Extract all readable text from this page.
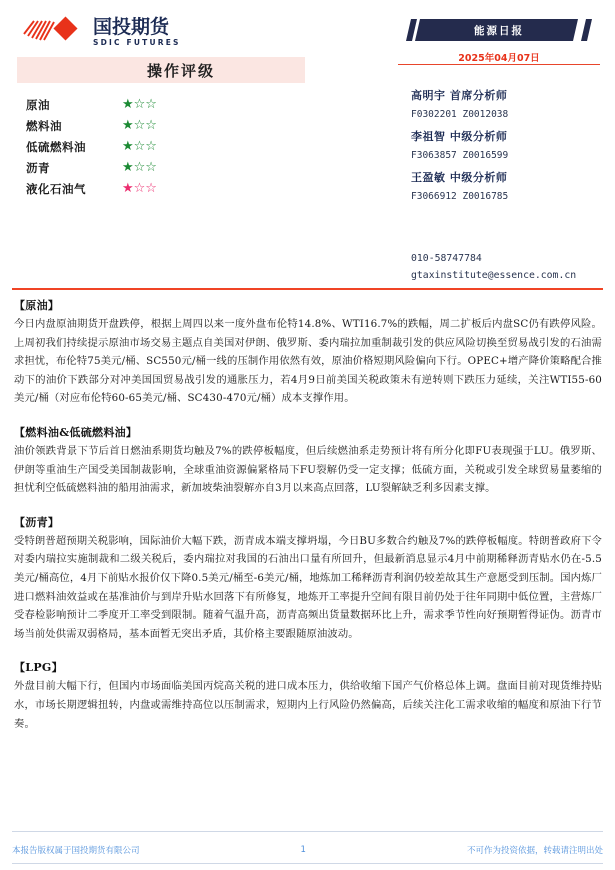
国投期货
SDIC FUTURES
操作评级
原油	★☆☆
燃料油	★☆☆
低硫燃料油	★☆☆
沥青	★☆☆
液化石油气	★☆☆
能源日报
2025年04月07日
高明宇 首席分析师
F0302201 Z0012038
李祖智 中级分析师
F3063857 Z0016599
王盈敏 中级分析师
F3066912 Z0016785
010-58747784
gtaxinstitute@essence.com.cn
【原油】
今日内盘原油期货开盘跌停，根据上周四以来一度外盘布伦特14.8%、WTI16.7%的跌幅，周二扩板后内盘SC仍有跌停风险。上周初我们持续提示原油市场交易主题点自美国对伊朗、俄罗斯、委内瑞拉加重制裁引发的供应风险切换至贸易战引发的石油需求担忧，布伦特75美元/桶、SC550元/桶一线的压制作用依然有效，原油价格短期风险偏向下行。OPEC+增产降价策略配合推动下的油价下跌部分对冲美国国贸易战引发的通胀压力，若4月9日前美国关税政策未有逆转则下跌压力延续，关注WTI55-60美元/桶（对应布伦特60-65美元/桶、SC430-470元/桶）成本支撑作用。
【燃料油&低硫燃料油】
油价领跌背景下节后首日燃油系期货均触及7%的跌停板幅度，但后续燃油系走势预计将有所分化即FU表现强于LU。俄罗斯、伊朗等重油生产国受美国制裁影响，全球重油资源偏紧格局下FU裂解仍受一定支撑；低硫方面，关税或引发全球贸易量萎缩的担忧利空低硫燃料油的船用油需求，新加坡柴油裂解亦自3月以来高点回落，LU裂解缺乏利多因素支撑。
【沥青】
受特朗普超预期关税影响，国际油价大幅下跌，沥青成本端支撑坍塌，今日BU多数合约触及7%的跌停板幅度。特朗普政府下令对委内瑞拉实施制裁和二级关税后，委内瑞拉对我国的石油出口量有所回升，但最新消息显示4月中前期稀释沥青贴水仍在-5.5美元/桶高位，4月下前贴水报价仅下降0.5美元/桶至-6美元/桶，地炼加工稀释沥青利润仍较差故其生产意愿受到压制。国内炼厂进口燃料油效益或在基准油价与到岸升贴水回落下有所修复，地炼开工率提升空间有限目前仍处于往年同期中低位置，主营炼厂受春检影响预计二季度开工率受到限制。随着气温升高，沥青高频出货量数据环比上升，需求季节性向好预期暂得证伪。沥青市场当前处供需双弱格局，基本面暂无突出矛盾，其价格主要跟随原油波动。
【LPG】
外盘目前大幅下行，但国内市场面临美国丙烷高关税的进口成本压力，供给收缩下国产气价格总体上调。盘面目前对现货维持贴水，市场长期逻辑扭转，内盘或需维持高位以压制需求，短期内上行风险仍然偏高，后续关注化工需求收缩的幅度和原油下行节奏。
本报告版权属于国投期货有限公司	1	不可作为投资依据，转载请注明出处
